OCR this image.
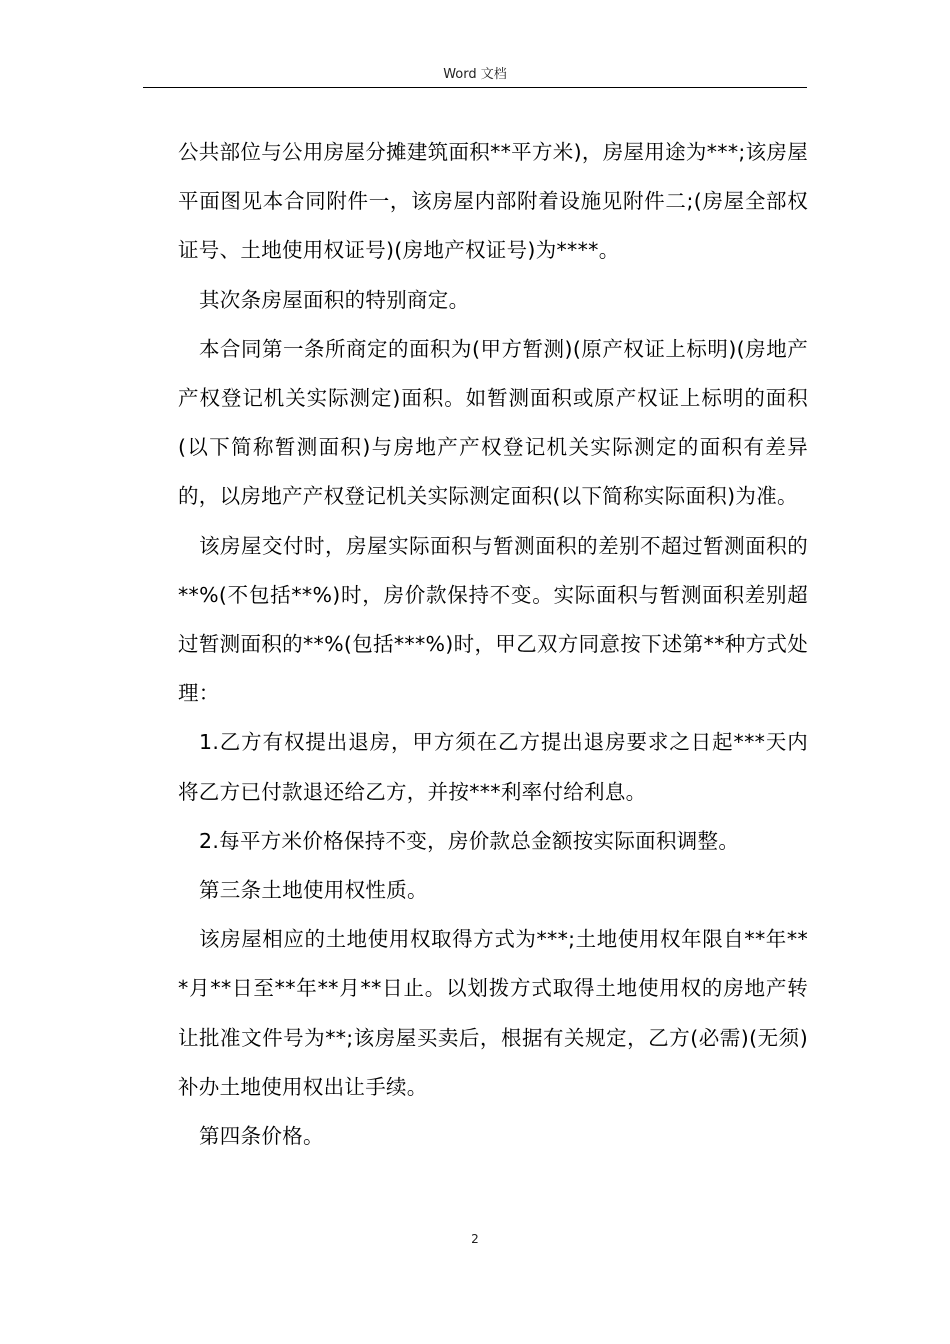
Word 文档

公共部位与公用房屋分摊建筑面积**平方米)，房屋用途为***;该房屋平面图见本合同附件一，该房屋内部附着设施见附件二;(房屋全部权证号、土地使用权证号)(房地产权证号)为****。

其次条房屋面积的特别商定。

本合同第一条所商定的面积为(甲方暂测)(原产权证上标明)(房地产产权登记机关实际测定)面积。如暂测面积或原产权证上标明的面积(以下简称暂测面积)与房地产产权登记机关实际测定的面积有差异的，以房地产产权登记机关实际测定面积(以下简称实际面积)为准。

该房屋交付时，房屋实际面积与暂测面积的差别不超过暂测面积的**%(不包括**%)时，房价款保持不变。实际面积与暂测面积差别超过暂测面积的**%(包括***%)时，甲乙双方同意按下述第**种方式处理：

1.乙方有权提出退房，甲方须在乙方提出退房要求之日起***天内将乙方已付款退还给乙方，并按***利率付给利息。

2.每平方米价格保持不变，房价款总金额按实际面积调整。

第三条土地使用权性质。

该房屋相应的土地使用权取得方式为***;土地使用权年限自**年***月**日至**年**月**日止。以划拨方式取得土地使用权的房地产转让批准文件号为**;该房屋买卖后，根据有关规定，乙方(必需)(无须)补办土地使用权出让手续。

第四条价格。

2
